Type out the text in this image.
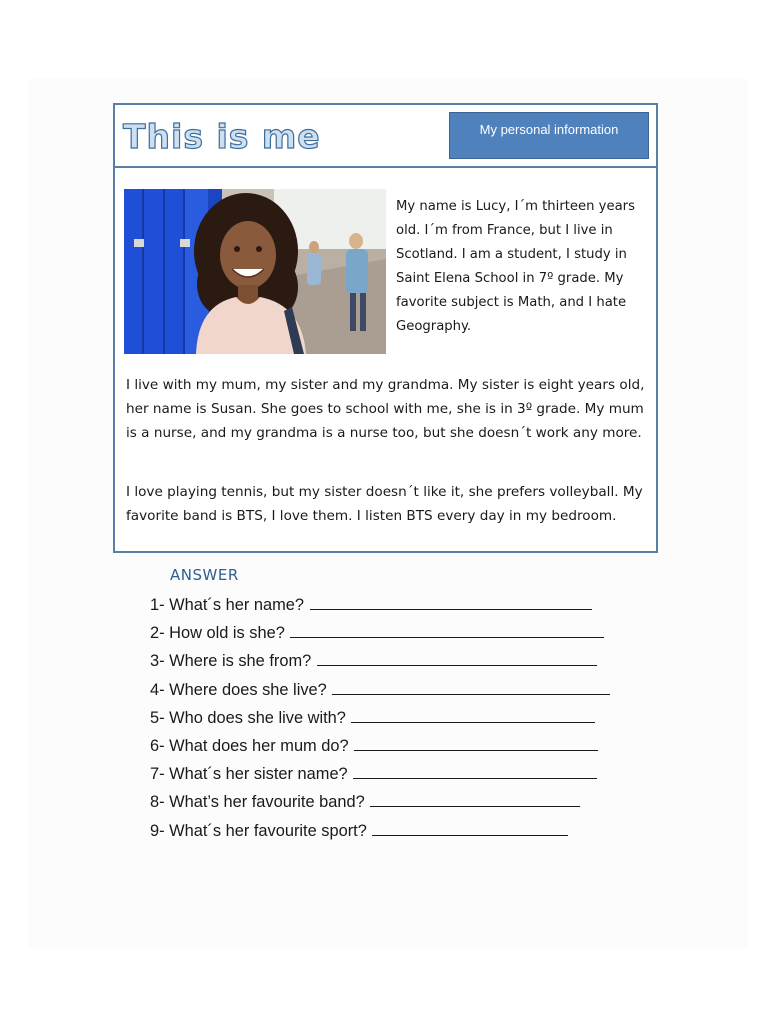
This is me	My personal information

My name is Lucy, I´m thirteen years old. I´m from France, but I live in Scotland. I am a student, I study in Saint Elena School in 7º grade. My favorite subject is Math, and I hate Geography.

I live with my mum, my sister and my grandma. My sister is eight years old, her name is Susan. She goes to school with me, she is in 3º grade. My mum is a nurse, and my grandma is a nurse too, but she doesn´t work any more.

I love playing tennis, but my sister doesn´t like it, she prefers volleyball. My favorite band is BTS, I love them. I listen BTS every day in my bedroom.

ANSWER
1- What´s her name?
2- How old is she?
3- Where is she from?
4- Where does she live?
5- Who does she live with?
6- What does her mum do?
7- What´s her sister name?
8- What’s her favourite band?
9- What´s her favourite sport?
